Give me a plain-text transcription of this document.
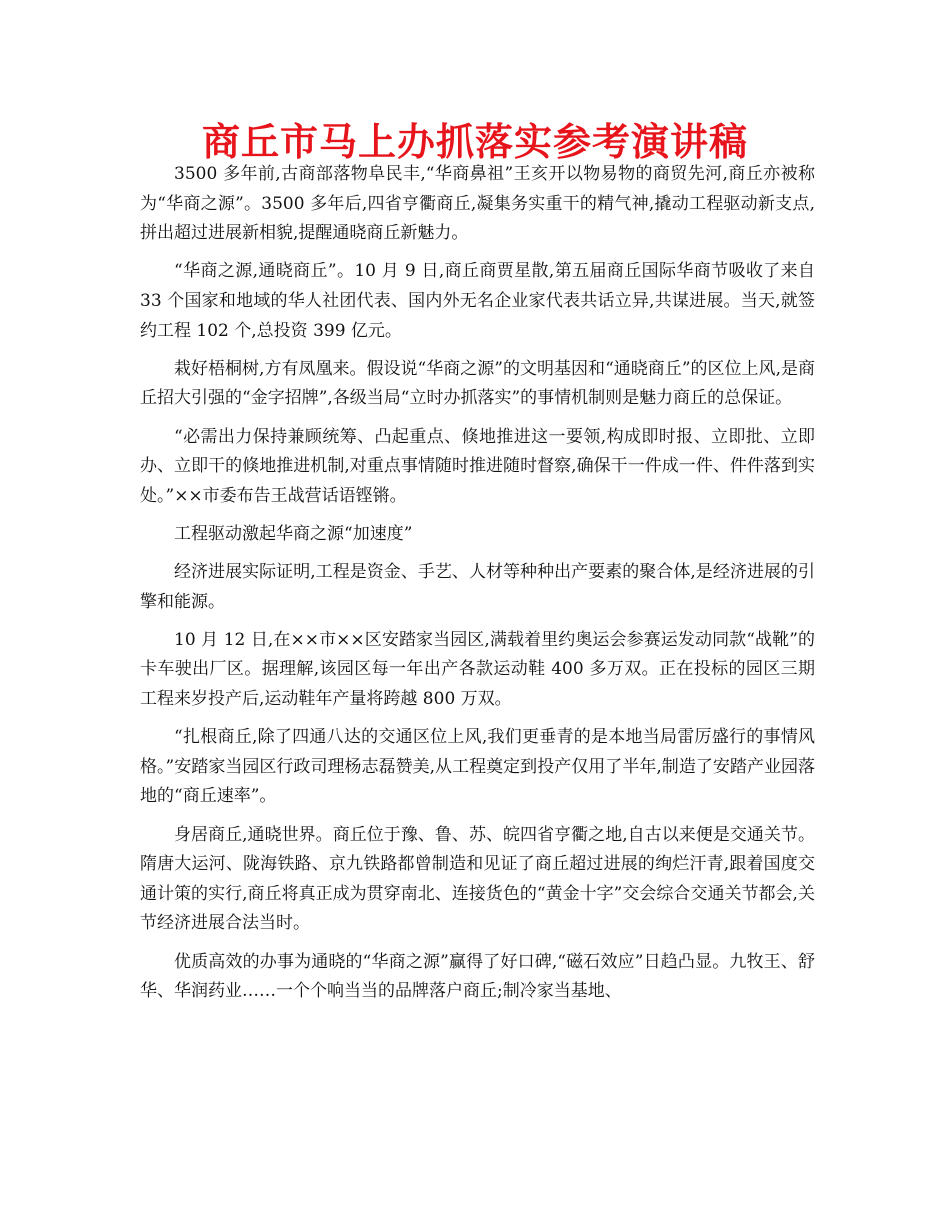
商丘市马上办抓落实参考演讲稿

3500 多年前,古商部落物阜民丰,“华商鼻祖”王亥开以物易物的商贸先河,商丘亦被称为“华商之源”。3500 多年后,四省亨衢商丘,凝集务实重干的精气神,撬动工程驱动新支点,拼出超过进展新相貌,提醒通晓商丘新魅力。

“华商之源,通晓商丘”。10 月 9 日,商丘商贾星散,第五届商丘国际华商节吸收了来自 33 个国家和地域的华人社团代表、国内外无名企业家代表共话立异,共谋进展。当天,就签约工程 102 个,总投资 399 亿元。

栽好梧桐树,方有凤凰来。假设说“华商之源”的文明基因和“通晓商丘”的区位上风,是商丘招大引强的“金字招牌”,各级当局“立时办抓落实”的事情机制则是魅力商丘的总保证。

“必需出力保持兼顾统筹、凸起重点、倏地推进这一要领,构成即时报、立即批、立即办、立即干的倏地推进机制,对重点事情随时推进随时督察,确保干一件成一件、件件落到实处。”××市委布告王战营话语铿锵。

工程驱动激起华商之源“加速度”

经济进展实际证明,工程是资金、手艺、人材等种种出产要素的聚合体,是经济进展的引擎和能源。

10 月 12 日,在××市××区安踏家当园区,满载着里约奥运会参赛运发动同款“战靴”的卡车驶出厂区。据理解,该园区每一年出产各款运动鞋 400 多万双。正在投标的园区三期工程来岁投产后,运动鞋年产量将跨越 800 万双。

“扎根商丘,除了四通八达的交通区位上风,我们更垂青的是本地当局雷厉盛行的事情风格。”安踏家当园区行政司理杨志磊赞美,从工程奠定到投产仅用了半年,制造了安踏产业园落地的“商丘速率”。

身居商丘,通晓世界。商丘位于豫、鲁、苏、皖四省亨衢之地,自古以来便是交通关节。隋唐大运河、陇海铁路、京九铁路都曾制造和见证了商丘超过进展的绚烂汗青,跟着国度交通计策的实行,商丘将真正成为贯穿南北、连接货色的“黄金十字”交会综合交通关节都会,关节经济进展合法当时。

优质高效的办事为通晓的“华商之源”赢得了好口碑,“磁石效应”日趋凸显。九牧王、舒华、华润药业……一个个响当当的品牌落户商丘;制冷家当基地、
